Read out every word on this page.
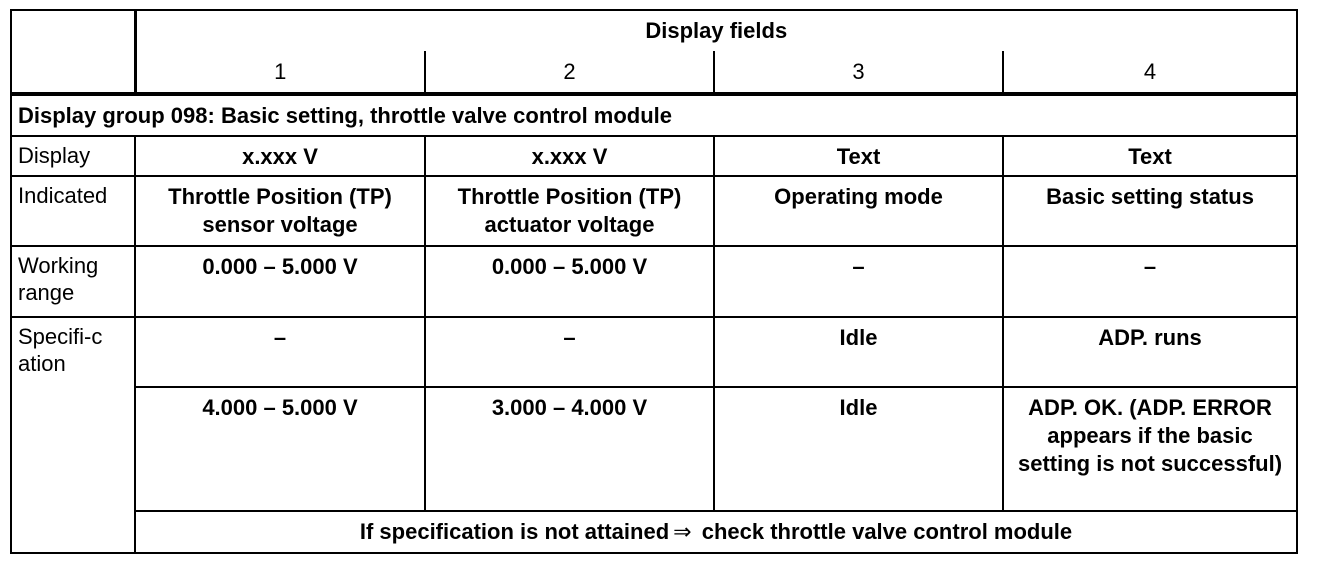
	Display fields			
	1	2	3	4
Display group 098: Basic setting, throttle valve control module				
Display	x.xxx V	x.xxx V	Text	Text
Indicated	Throttle Position (TP) sensor voltage	Throttle Position (TP) actuator voltage	Operating mode	Basic setting status
Working range	0.000 – 5.000 V	0.000 – 5.000 V	–	–

Specifi-cation	–	–	Idle	ADP. runs
	4.000 – 5.000 V	3.000 – 4.000 V	Idle	ADP. OK. (ADP. ERROR appears if the basic setting is not successful)
	If specification is not attained ⇒ check throttle valve control module			
